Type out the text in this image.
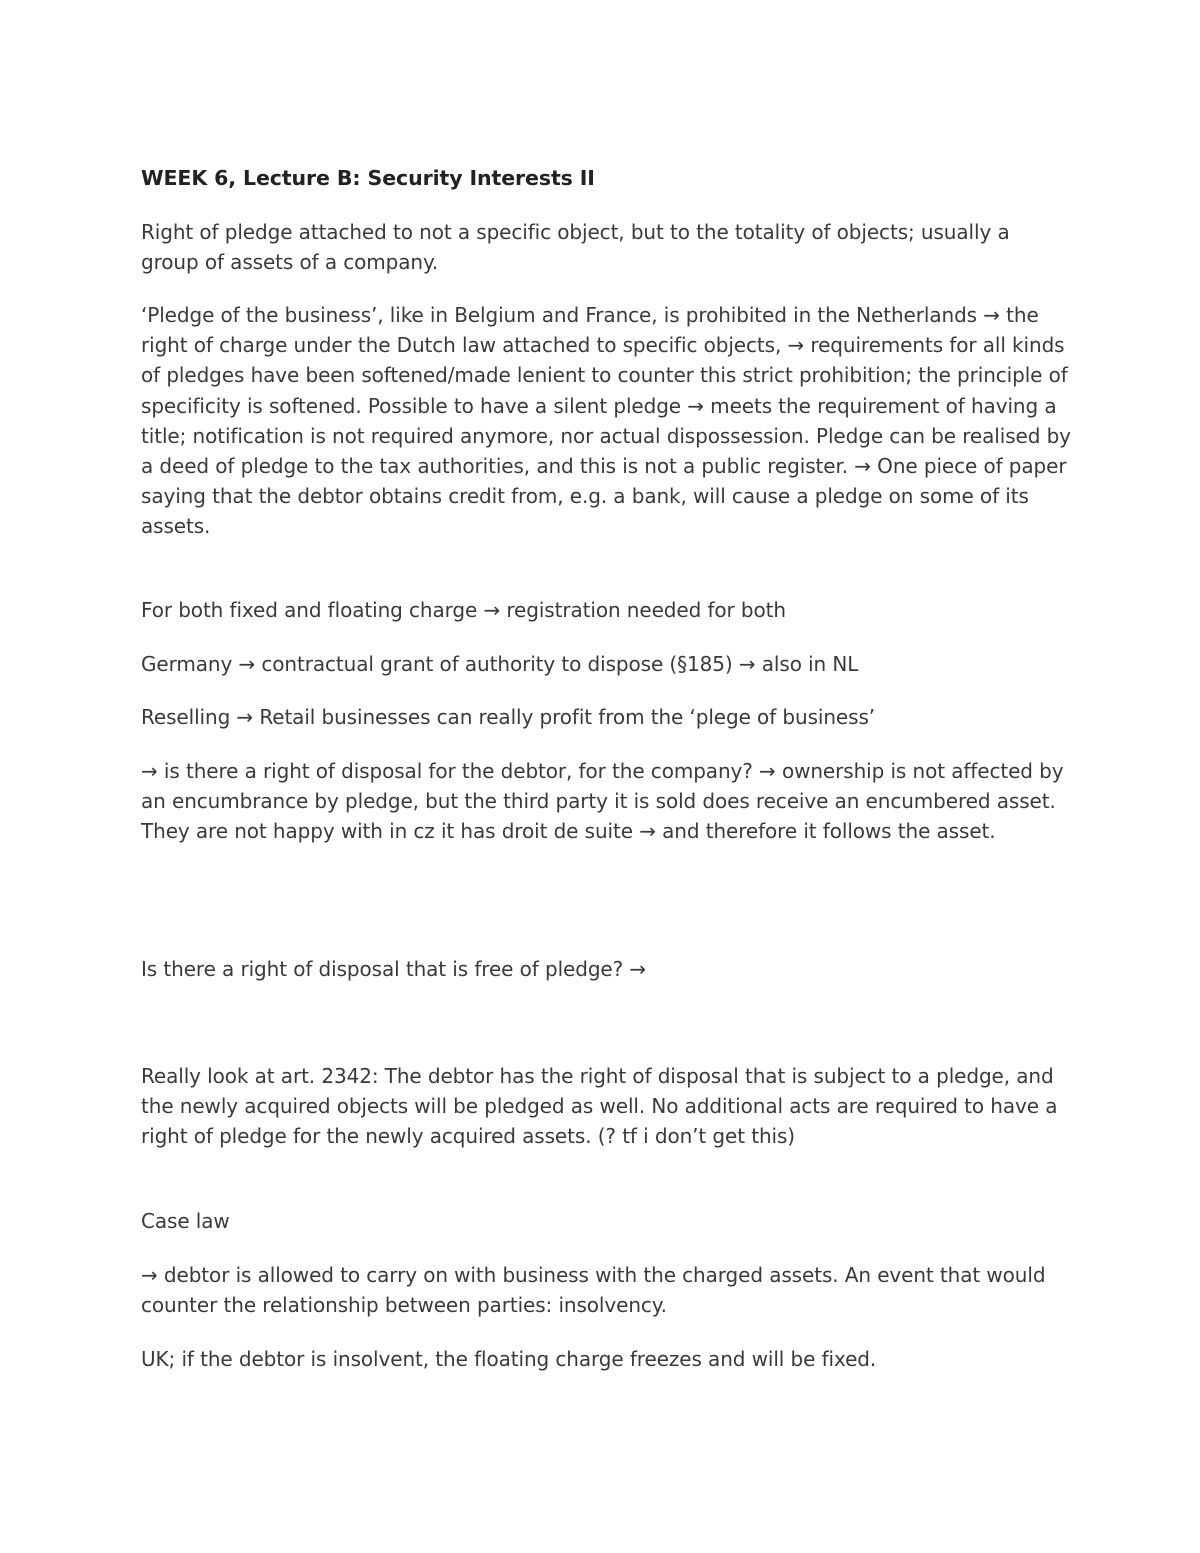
WEEK 6, Lecture B: Security Interests II

Right of pledge attached to not a specific object, but to the totality of objects; usually a group of assets of a company.

‘Pledge of the business’, like in Belgium and France, is prohibited in the Netherlands → the right of charge under the Dutch law attached to specific objects, → requirements for all kinds of pledges have been softened/made lenient to counter this strict prohibition; the principle of specificity is softened. Possible to have a silent pledge → meets the requirement of having a title; notification is not required anymore, nor actual dispossession. Pledge can be realised by a deed of pledge to the tax authorities, and this is not a public register. → One piece of paper saying that the debtor obtains credit from, e.g. a bank, will cause a pledge on some of its assets.

For both fixed and floating charge → registration needed for both

Germany → contractual grant of authority to dispose (§185) → also in NL

Reselling → Retail businesses can really profit from the ‘plege of business’

→ is there a right of disposal for the debtor, for the company? → ownership is not affected by an encumbrance by pledge, but the third party it is sold does receive an encumbered asset. They are not happy with in cz it has droit de suite → and therefore it follows the asset.

Is there a right of disposal that is free of pledge? →

Really look at art. 2342: The debtor has the right of disposal that is subject to a pledge, and the newly acquired objects will be pledged as well. No additional acts are required to have a right of pledge for the newly acquired assets. (? tf i don’t get this)

Case law

→ debtor is allowed to carry on with business with the charged assets. An event that would counter the relationship between parties: insolvency.

UK; if the debtor is insolvent, the floating charge freezes and will be fixed.
